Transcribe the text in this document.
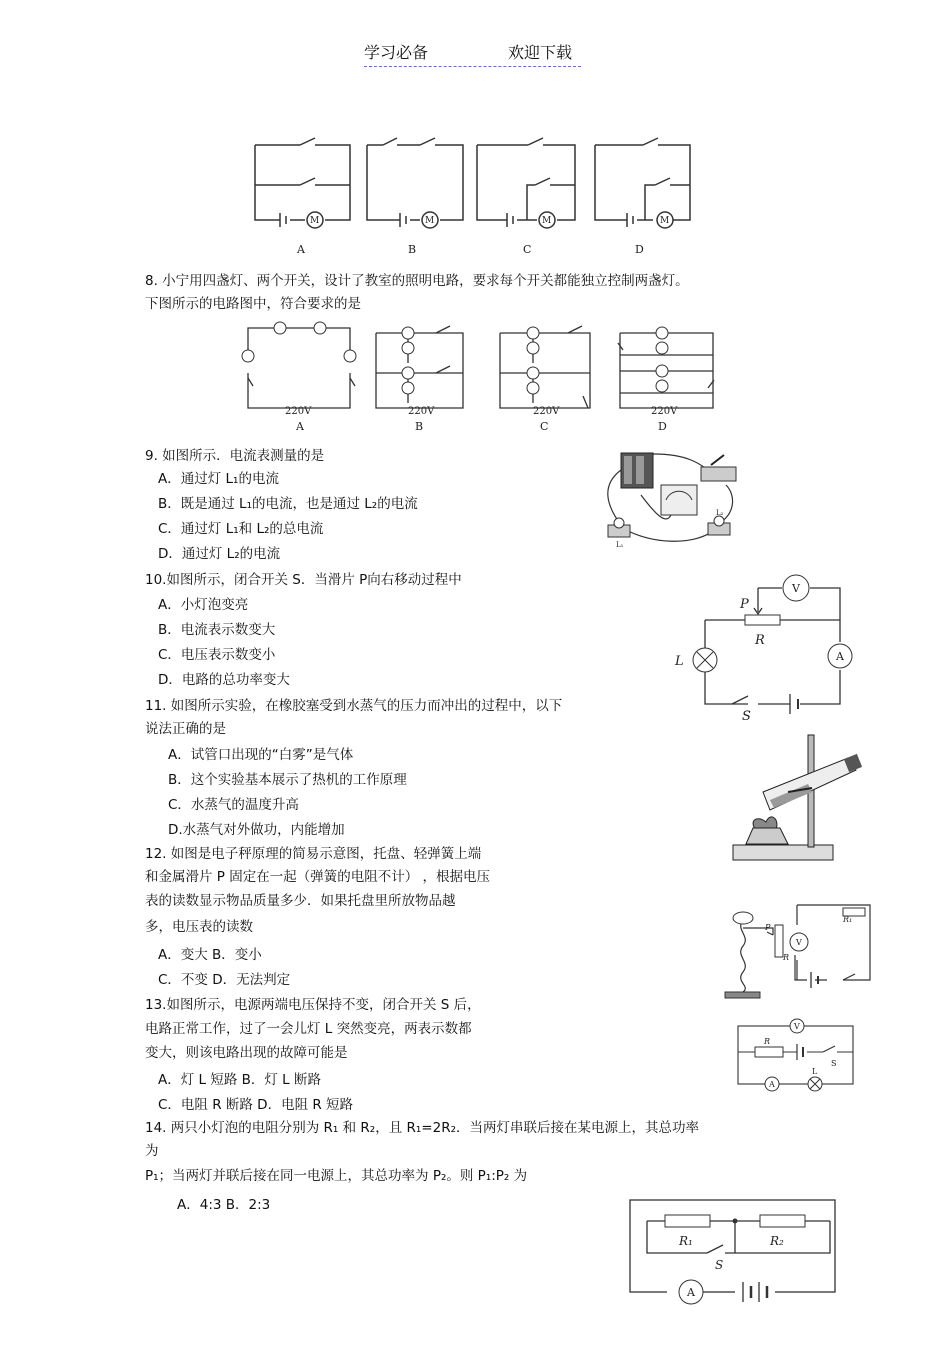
学习必备	欢迎下载
M	M	M	M
A	B	C	D
8. 小宁用四盏灯、两个开关，设计了教室的照明电路，要求每个开关都能独立控制两盏灯。
下图所示的电路图中，符合要求的是
220V	220V	220V	220V
A	B	C	D
9. 如图所示．电流表测量的是
A．通过灯 L₁的电流
B．既是通过 L₁的电流，也是通过 L₂的电流
C．通过灯 L₁和 L₂的总电流
D．通过灯 L₂的电流
L₁
L₂
10.如图所示，闭合开关 S．当滑片 P向右移动过程中
A．小灯泡变亮
B．电流表示数变大
C．电压表示数变小
D．电路的总功率变大
P
R
L
S
V
A
11. 如图所示实验，在橡胶塞受到水蒸气的压力而冲出的过程中，以下
说法正确的是
A．试管口出现的“白雾”是气体
B．这个实验基本展示了热机的工作原理
C．水蒸气的温度升高
D.水蒸气对外做功，内能增加
12. 如图是电子秤原理的简易示意图，托盘、轻弹簧上端
和金属滑片 P 固定在一起（弹簧的电阻不计） ，根据电压
表的读数显示物品质量多少．如果托盘里所放物品越
多，电压表的读数
A．变大 B．变小
C．不变 D．无法判定
P
R
R₁
V
13.如图所示，电源两端电压保持不变，闭合开关 S 后，
电路正常工作，过了一会儿灯 L 突然变亮，两表示数都
变大，则该电路出现的故障可能是
A．灯 L 短路 B．灯 L 断路
C．电阻 R 断路 D．电阻 R 短路
V
A
L
S
R
14. 两只小灯泡的电阻分别为 R₁ 和 R₂，且 R₁=2R₂．当两灯串联后接在某电源上，其总功率
为
P₁；当两灯并联后接在同一电源上，其总功率为 P₂。则 P₁:P₂ 为
A．4:3 B．2:3
R₁	R₂
S
A
